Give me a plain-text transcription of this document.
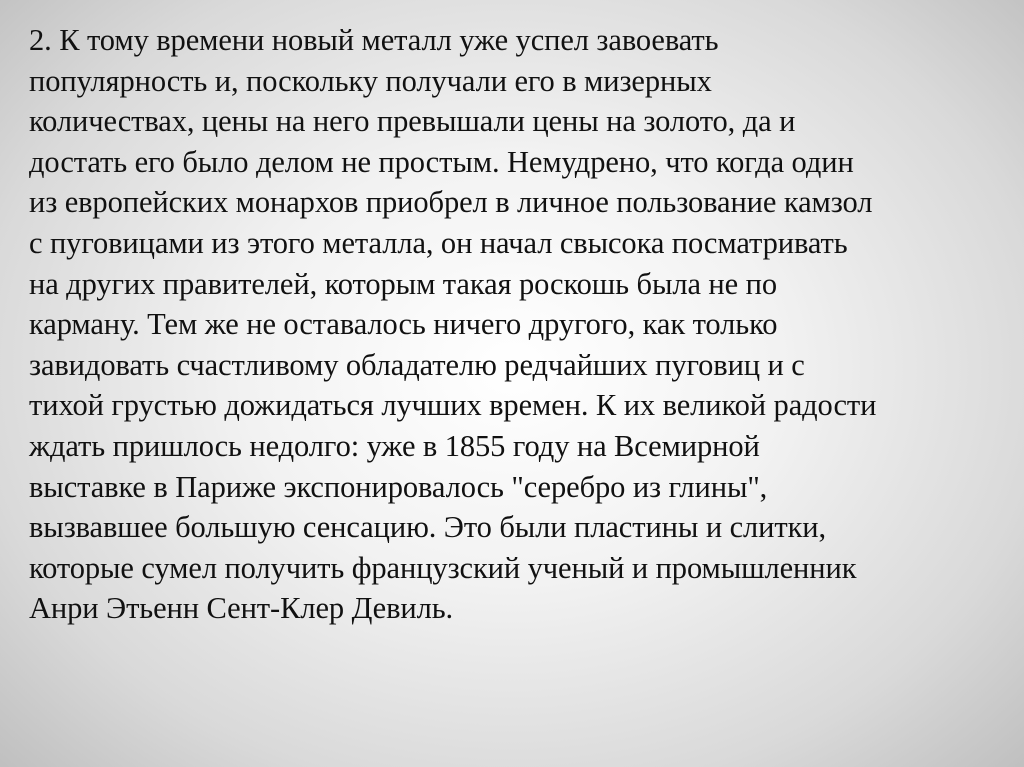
2. К тому времени новый металл уже успел завоевать
популярность и, поскольку получали его в мизерных
количествах, цены на него превышали цены на золото, да и
достать его было делом не простым. Немудрено, что когда один
из европейских монархов приобрел в личное пользование камзол
с пуговицами из этого металла, он начал свысока посматривать
на других правителей, которым такая роскошь была не по
карману. Тем же не оставалось ничего другого, как только
завидовать счастливому обладателю редчайших пуговиц и с
тихой грустью дожидаться лучших времен. К их великой радости
ждать пришлось недолго: уже в 1855 году на Всемирной
выставке в Париже экспонировалось "серебро из глины",
вызвавшее большую сенсацию. Это были пластины и слитки,
которые сумел получить французский ученый и промышленник
Анри Этьенн Сент-Клер Девиль.
